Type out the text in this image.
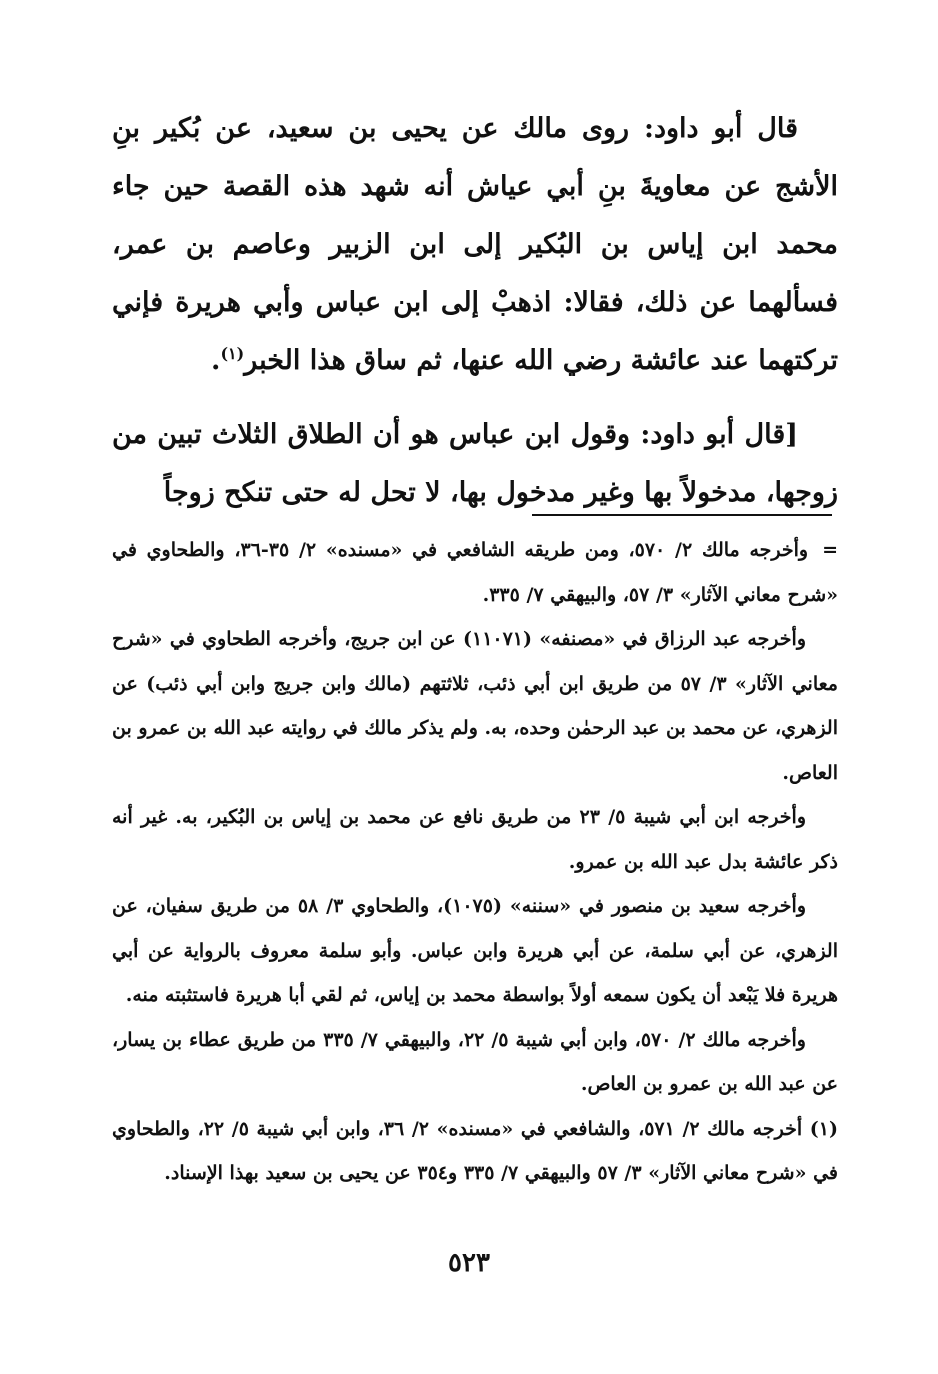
قال أبو داود: روى مالك عن يحيى بن سعيد، عن بُكير بنِ الأشج عن معاويةَ بنِ أبي عياش أنه شهد هذه القصة حين جاء محمد ابن إياس بن البُكير إلى ابن الزبير وعاصم بن عمر، فسألهما عن ذلك، فقالا: اذهبْ إلى ابن عباس وأبي هريرة فإني تركتهما عند عائشة رضي الله عنها، ثم ساق هذا الخبر$^{(١)}$.

[قال أبو داود: وقول ابن عباس هو أن الطلاق الثلاث تبين من زوجها، مدخولاً بها وغير مدخول بها، لا تحل له حتى تنكح زوجاً

=وأخرجه مالك ٢/ ٥٧٠، ومن طريقه الشافعي في «مسنده» ٢/ ٣٥-٣٦، والطحاوي في «شرح معاني الآثار» ٣/ ٥٧، والبيهقي ٧/ ٣٣٥.

وأخرجه عبد الرزاق في «مصنفه» (١١٠٧١) عن ابن جريج، وأخرجه الطحاوي في «شرح معاني الآثار» ٣/ ٥٧ من طريق ابن أبي ذئب، ثلاثتهم (مالك وابن جريج وابن أبي ذئب) عن الزهري، عن محمد بن عبد الرحمٰن وحده، به. ولم يذكر مالك في روايته عبد الله بن عمرو بن العاص.

وأخرجه ابن أبي شيبة ٥/ ٢٣ من طريق نافع عن محمد بن إياس بن البُكير، به. غير أنه ذكر عائشة بدل عبد الله بن عمرو.

وأخرجه سعيد بن منصور في «سننه» (١٠٧٥)، والطحاوي ٣/ ٥٨ من طريق سفيان، عن الزهري، عن أبي سلمة، عن أبي هريرة وابن عباس. وأبو سلمة معروف بالرواية عن أبي هريرة فلا يَبْعد أن يكون سمعه أولاً بواسطة محمد بن إياس، ثم لقي أبا هريرة فاستثبته منه.

وأخرجه مالك ٢/ ٥٧٠، وابن أبي شيبة ٥/ ٢٢، والبيهقي ٧/ ٣٣٥ من طريق عطاء بن يسار، عن عبد الله بن عمرو بن العاص.

(١) أخرجه مالك ٢/ ٥٧١، والشافعي في «مسنده» ٢/ ٣٦، وابن أبي شيبة ٥/ ٢٢، والطحاوي في «شرح معاني الآثار» ٣/ ٥٧ والبيهقي ٧/ ٣٣٥ و٣٥٤ عن يحيى بن سعيد بهذا الإسناد.

٥٢٣
